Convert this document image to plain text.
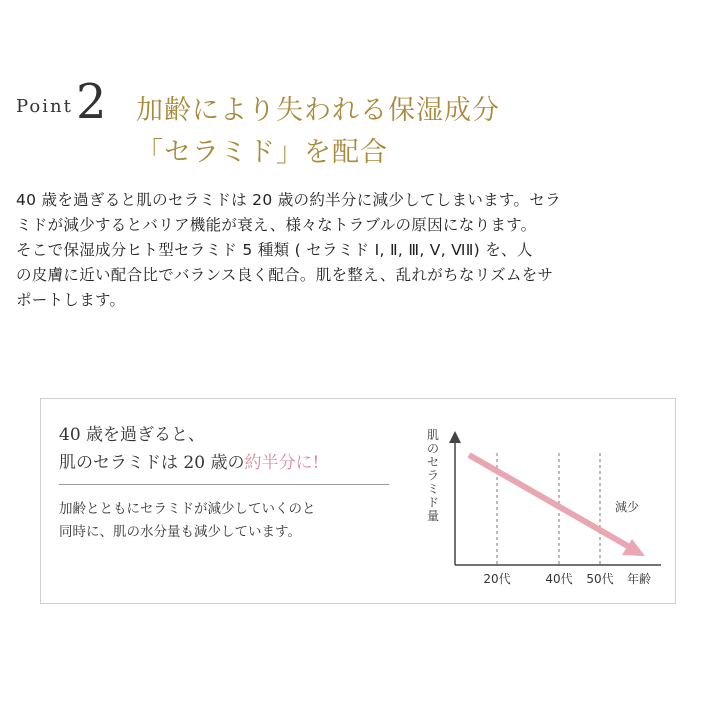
Point 2 加齢により失われる保湿成分
「セラミド」を配合
40 歳を過ぎると肌のセラミドは 20 歳の約半分に減少してしまいます。セラ
ミドが減少するとバリア機能が衰え、様々なトラブルの原因になります。
そこで保湿成分ヒト型セラミド 5 種類 ( セラミド Ⅰ, Ⅱ, Ⅲ, Ⅴ, ⅥⅡ) を、人
の皮膚に近い配合比でバランス良く配合。肌を整え、乱れがちなリズムをサ
ポートします。
40 歳を過ぎると、
肌のセラミドは 20 歳の約半分に!
加齢とともにセラミドが減少していくのと
同時に、肌の水分量も減少しています。
肌のセラミド量
減少
20代	40代 50代 年齢
